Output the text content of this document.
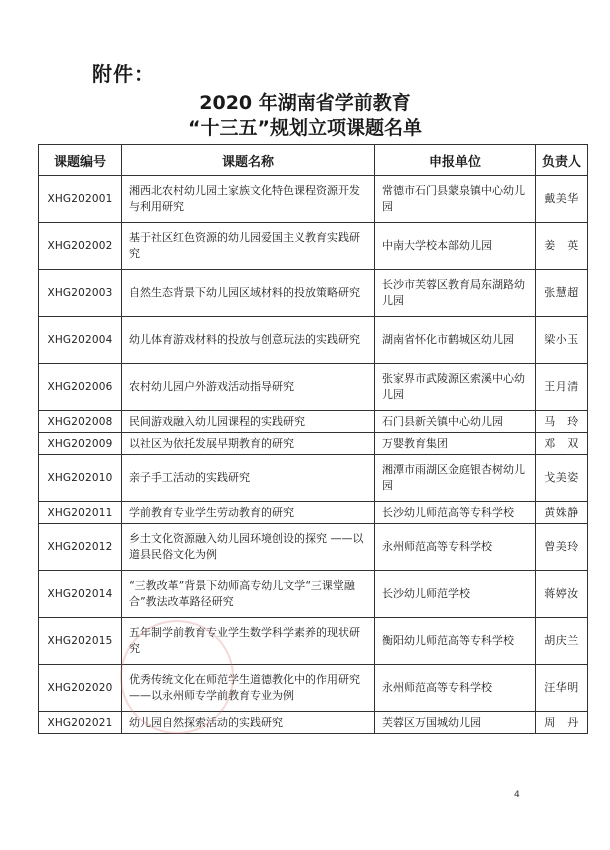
附件：
2020 年湖南省学前教育
“十三五”规划立项课题名单
课题编号	课题名称	申报单位	负责人
XHG202001	湘西北农村幼儿园土家族文化特色课程资源开发与利用研究	常德市石门县蒙泉镇中心幼儿园	戴美华
XHG202002	基于社区红色资源的幼儿园爱国主义教育实践研究	中南大学校本部幼儿园	姜　英
XHG202003	自然生态背景下幼儿园区域材料的投放策略研究	长沙市芙蓉区教育局东湖路幼儿园	张慧超
XHG202004	幼儿体育游戏材料的投放与创意玩法的实践研究	湖南省怀化市鹤城区幼儿园	梁小玉
XHG202006	农村幼儿园户外游戏活动指导研究	张家界市武陵源区索溪中心幼儿园	王月清
XHG202008	民间游戏融入幼儿园课程的实践研究	石门县新关镇中心幼儿园	马　玲
XHG202009	以社区为依托发展早期教育的研究	万婴教育集团	邓　双
XHG202010	亲子手工活动的实践研究	湘潭市雨湖区金庭银杏树幼儿园	戈美姿
XHG202011	学前教育专业学生劳动教育的研究	长沙幼儿师范高等专科学校	黄姝静
XHG202012	乡土文化资源融入幼儿园环境创设的探究 ——以道县民俗文化为例	永州师范高等专科学校	曾美玲
XHG202014	“三教改革”背景下幼师高专幼儿文学“三课堂融合”教法改革路径研究	长沙幼儿师范学校	蒋婷汝
XHG202015	五年制学前教育专业学生数学科学素养的现状研究	衡阳幼儿师范高等专科学校	胡庆兰
XHG202020	优秀传统文化在师范学生道德教化中的作用研究——以永州师专学前教育专业为例	永州师范高等专科学校	汪华明
XHG202021	幼儿园自然探索活动的实践研究	芙蓉区万国城幼儿园	周　丹
4
